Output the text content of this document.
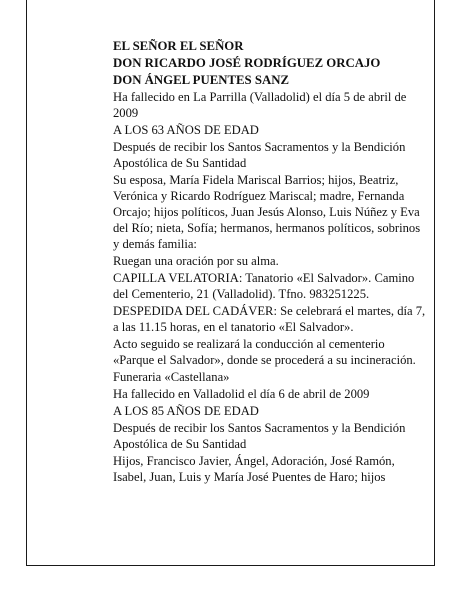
EL SEÑOR EL SEÑOR

DON RICARDO JOSÉ RODRÍGUEZ ORCAJO

DON ÁNGEL PUENTES SANZ

Ha fallecido en La Parrilla (Valladolid) el día 5 de abril de 2009

A LOS 63 AÑOS DE EDAD

Después de recibir los Santos Sacramentos y la Bendición Apostólica de Su Santidad

Su esposa, María Fidela Mariscal Barrios; hijos, Beatriz, Verónica y Ricardo Rodríguez Mariscal; madre, Fernanda Orcajo; hijos políticos, Juan Jesús Alonso, Luis Núñez y Eva del Río; nieta, Sofía; hermanos, hermanos políticos, sobrinos y demás familia:

Ruegan una oración por su alma.

CAPILLA VELATORIA: Tanatorio «El Salvador». Camino del Cementerio, 21 (Valladolid). Tfno. 983251225.

DESPEDIDA DEL CADÁVER: Se celebrará el martes, día 7, a las 11.15 horas, en el tanatorio «El Salvador».

Acto seguido se realizará la conducción al cementerio «Parque el Salvador», donde se procederá a su incineración.

Funeraria «Castellana»

Ha fallecido en Valladolid el día 6 de abril de 2009

A LOS 85 AÑOS DE EDAD

Después de recibir los Santos Sacramentos y la Bendición Apostólica de Su Santidad

Hijos, Francisco Javier, Ángel, Adoración, José Ramón, Isabel, Juan, Luis y María José Puentes de Haro; hijos
